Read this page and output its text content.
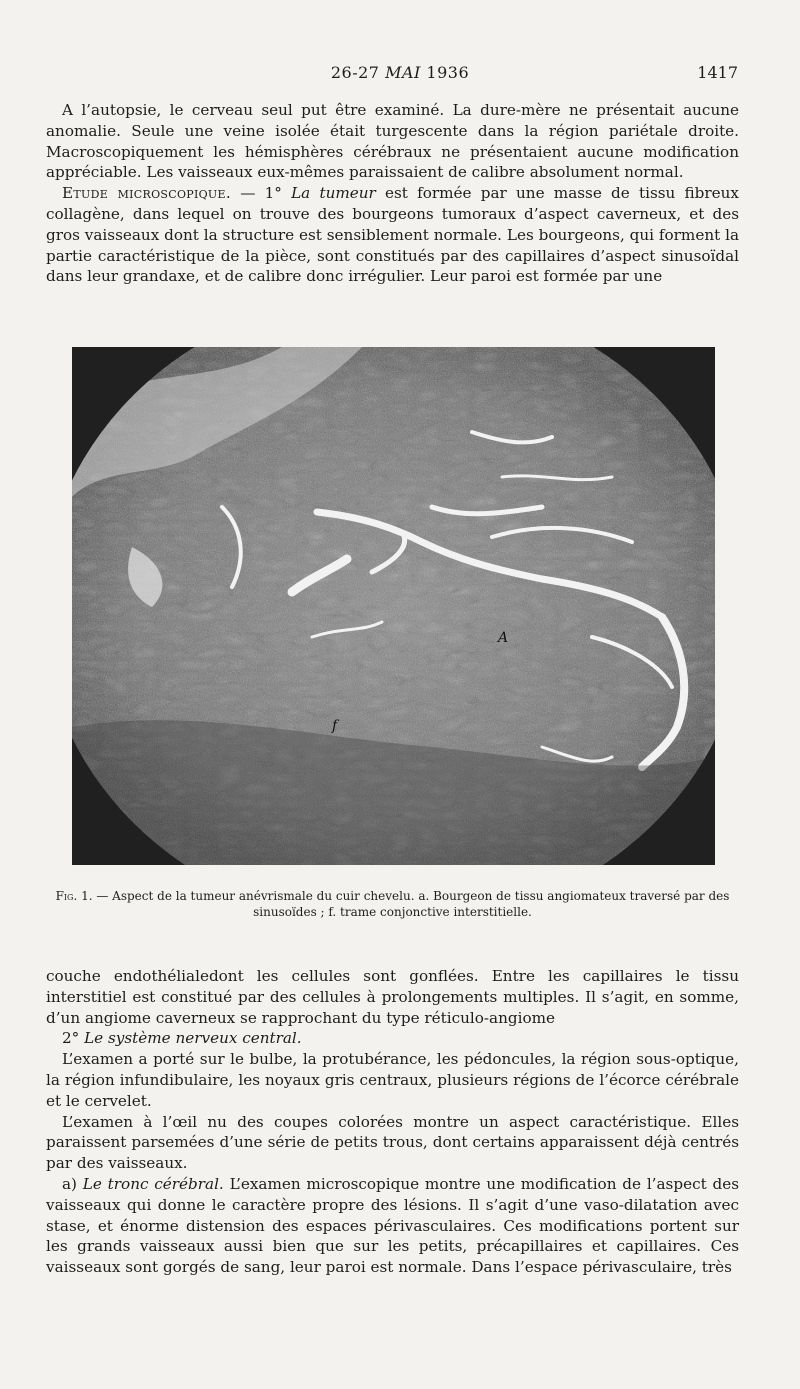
26-27 MAI 1936	1417

A l’autopsie, le cerveau seul put être examiné. La dure-mère ne présentait aucune anomalie. Seule une veine isolée était turgescente dans la région pariétale droite. Macroscopiquement les hémisphères cérébraux ne présentaient aucune modification appréciable. Les vaisseaux eux-mêmes paraissaient de calibre absolument normal.

Etude microscopique. — 1° La tumeur est formée par une masse de tissu fibreux collagène, dans lequel on trouve des bourgeons tumoraux d’aspect caverneux, et des gros vaisseaux dont la structure est sensiblement normale. Les bourgeons, qui forment la partie caractéristique de la pièce, sont constitués par des capillaires d’aspect sinusoïdal dans leur grandaxe, et de calibre donc irrégulier. Leur paroi est formée par une

f
A
Fig. 1. — Aspect de la tumeur anévrismale du cuir chevelu. a. Bourgeon de tissu angiomateux traversé par des sinusoïdes ; f. trame conjonctive interstitielle.

couche endothélialedont les cellules sont gonflées. Entre les capillaires le tissu interstitiel est constitué par des cellules à prolongements multiples. Il s’agit, en somme, d’un angiome caverneux se rapprochant du type réticulo-angiome

2° Le système nerveux central.

L’examen a porté sur le bulbe, la protubérance, les pédoncules, la région sous-optique, la région infundibulaire, les noyaux gris centraux, plusieurs régions de l’écorce cérébrale et le cervelet.

L’examen à l’œil nu des coupes colorées montre un aspect caractéristique. Elles paraissent parsemées d’une série de petits trous, dont certains apparaissent déjà centrés par des vaisseaux.

a) Le tronc cérébral. L’examen microscopique montre une modification de l’aspect des vaisseaux qui donne le caractère propre des lésions. Il s’agit d’une vaso-dilatation avec stase, et énorme distension des espaces périvasculaires. Ces modifications portent sur les grands vaisseaux aussi bien que sur les petits, précapillaires et capillaires. Ces vaisseaux sont gorgés de sang, leur paroi est normale. Dans l’espace périvasculaire, très
